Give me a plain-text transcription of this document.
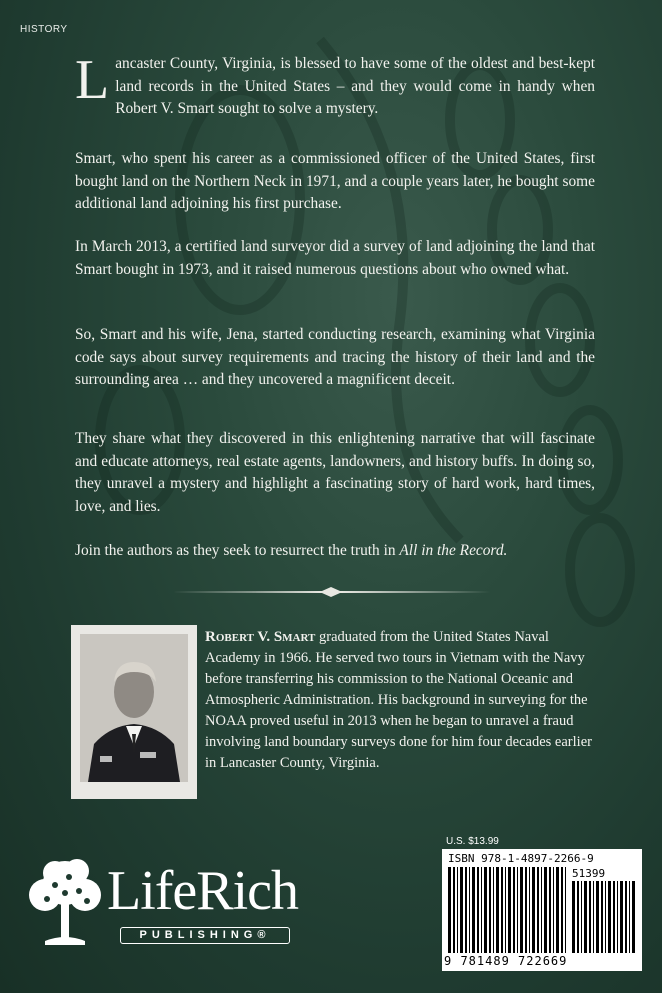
HISTORY
L ancaster County, Virginia, is blessed to have some of the oldest and best-kept land records in the United States – and they would come in handy when Robert V. Smart sought to solve a mystery.
Smart, who spent his career as a commissioned officer of the United States, first bought land on the Northern Neck in 1971, and a couple years later, he bought some additional land adjoining his first purchase.
In March 2013, a certified land surveyor did a survey of land adjoining the land that Smart bought in 1973, and it raised numerous questions about who owned what.
So, Smart and his wife, Jena, started conducting research, examining what Virginia code says about survey requirements and tracing the history of their land and the surrounding area … and they uncovered a magnificent deceit.
They share what they discovered in this enlightening narrative that will fascinate and educate attorneys, real estate agents, landowners, and history buffs. In doing so, they unravel a mystery and highlight a fascinating story of hard work, hard times, love, and lies.
Join the authors as they seek to resurrect the truth in All in the Record.
Robert V. Smart graduated from the United States Naval Academy in 1966. He served two tours in Vietnam with the Navy before transferring his commission to the National Oceanic and Atmospheric Administration. His background in surveying for the NOAA proved useful in 2013 when he began to unravel a fraud involving land boundary surveys done for him four decades earlier in Lancaster County, Virginia.
LifeRich
PUBLISHING®
U.S. $13.99
ISBN 978-1-4897-2266-9
51399
9 781489 722669
